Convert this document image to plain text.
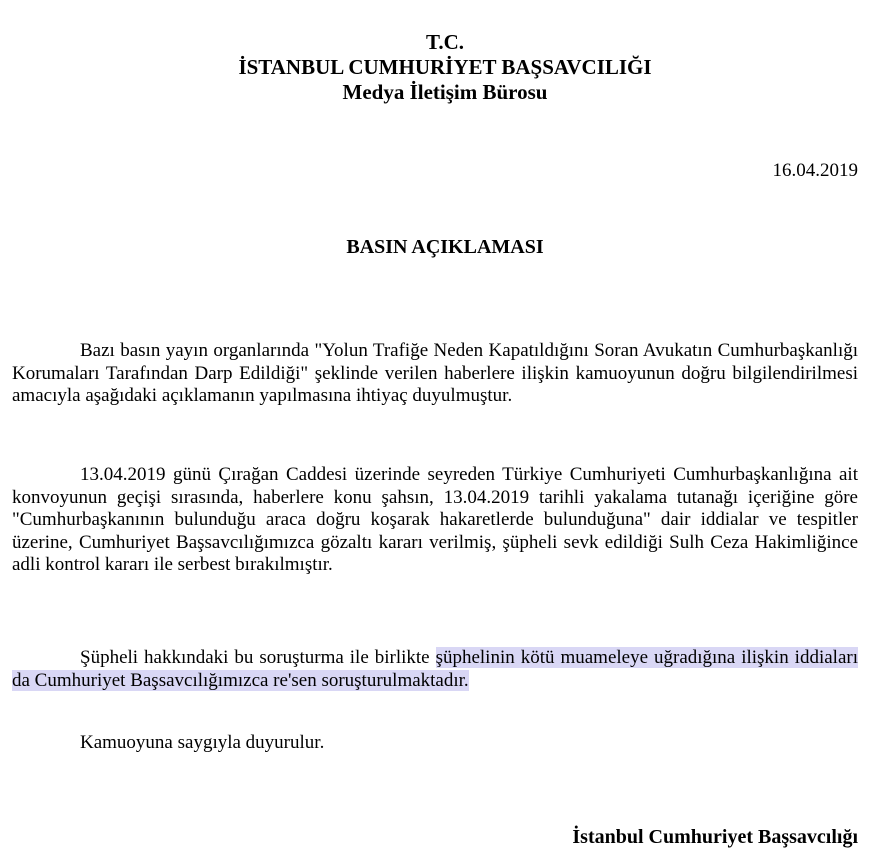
T.C.
İSTANBUL CUMHURİYET BAŞSAVCILIĞI
Medya İletişim Bürosu
16.04.2019
BASIN AÇIKLAMASI
Bazı basın yayın organlarında "Yolun Trafiğe Neden Kapatıldığını Soran Avukatın Cumhurbaşkanlığı Korumaları Tarafından Darp Edildiği" şeklinde verilen haberlere ilişkin kamuoyunun doğru bilgilendirilmesi amacıyla aşağıdaki açıklamanın yapılmasına ihtiyaç duyulmuştur.
13.04.2019 günü Çırağan Caddesi üzerinde seyreden Türkiye Cumhuriyeti Cumhurbaşkanlığına ait konvoyunun geçişi sırasında, haberlere konu şahsın, 13.04.2019 tarihli yakalama tutanağı içeriğine göre "Cumhurbaşkanının bulunduğu araca doğru koşarak hakaretlerde bulunduğuna" dair iddialar ve tespitler üzerine, Cumhuriyet Başsavcılığımızca gözaltı kararı verilmiş, şüpheli sevk edildiği Sulh Ceza Hakimliğince adli kontrol kararı ile serbest bırakılmıştır.
Şüpheli hakkındaki bu soruşturma ile birlikte şüphelinin kötü muameleye uğradığına ilişkin iddiaları da Cumhuriyet Başsavcılığımızca re'sen soruşturulmaktadır.
Kamuoyuna saygıyla duyurulur.
İstanbul Cumhuriyet Başsavcılığı
